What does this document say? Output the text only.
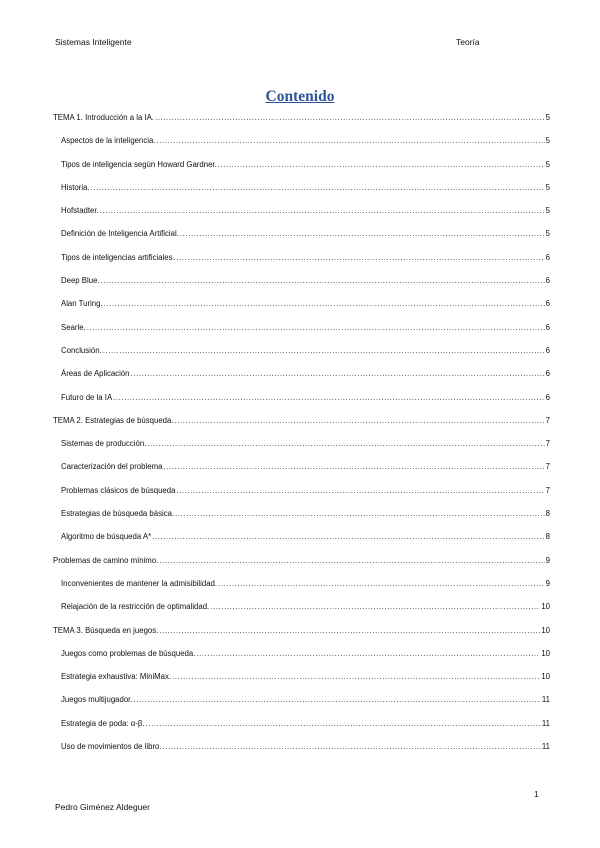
Sistemas Inteligente	Teoría
Contenido
TEMA 1. Introducción a la IA. .....	5
Aspectos de la inteligencia. .....	5
Tipos de inteligencia según Howard Gardner. .....	5
Historia. .....	5
Hofstadter. .....	5
Definición de Inteligencia Artificial. .....	5
Tipos de inteligencias artificiales .....	6
Deep Blue. .....	6
Alan Turing. .....	6
Searle. .....	6
Conclusión. .....	6
Áreas de Aplicación .....	6
Futuro de la IA .....	6
TEMA 2. Estrategias de búsqueda. .....	7
Sistemas de producción. .....	7
Caracterización del problema .....	7
Problemas clásicos de búsqueda .....	7
Estrategias de búsqueda básica. .....	8
Algoritmo de búsqueda A* .....	8
Problemas de camino mínimo. .....	9
Inconvenientes de mantener la admisibilidad. .....	9
Relajación de la restricción de optimalidad. .....	10
TEMA 3. Búsqueda en juegos. .....	10
Juegos como problemas de búsqueda. .....	10
Estrategia exhaustiva: MiniMax. .....	10
Juegos multijugador. .....	11
Estrategia de poda: α-β. .....	11
Uso de movimientos de libro. .....	11
1
Pedro Giménez Aldeguer
